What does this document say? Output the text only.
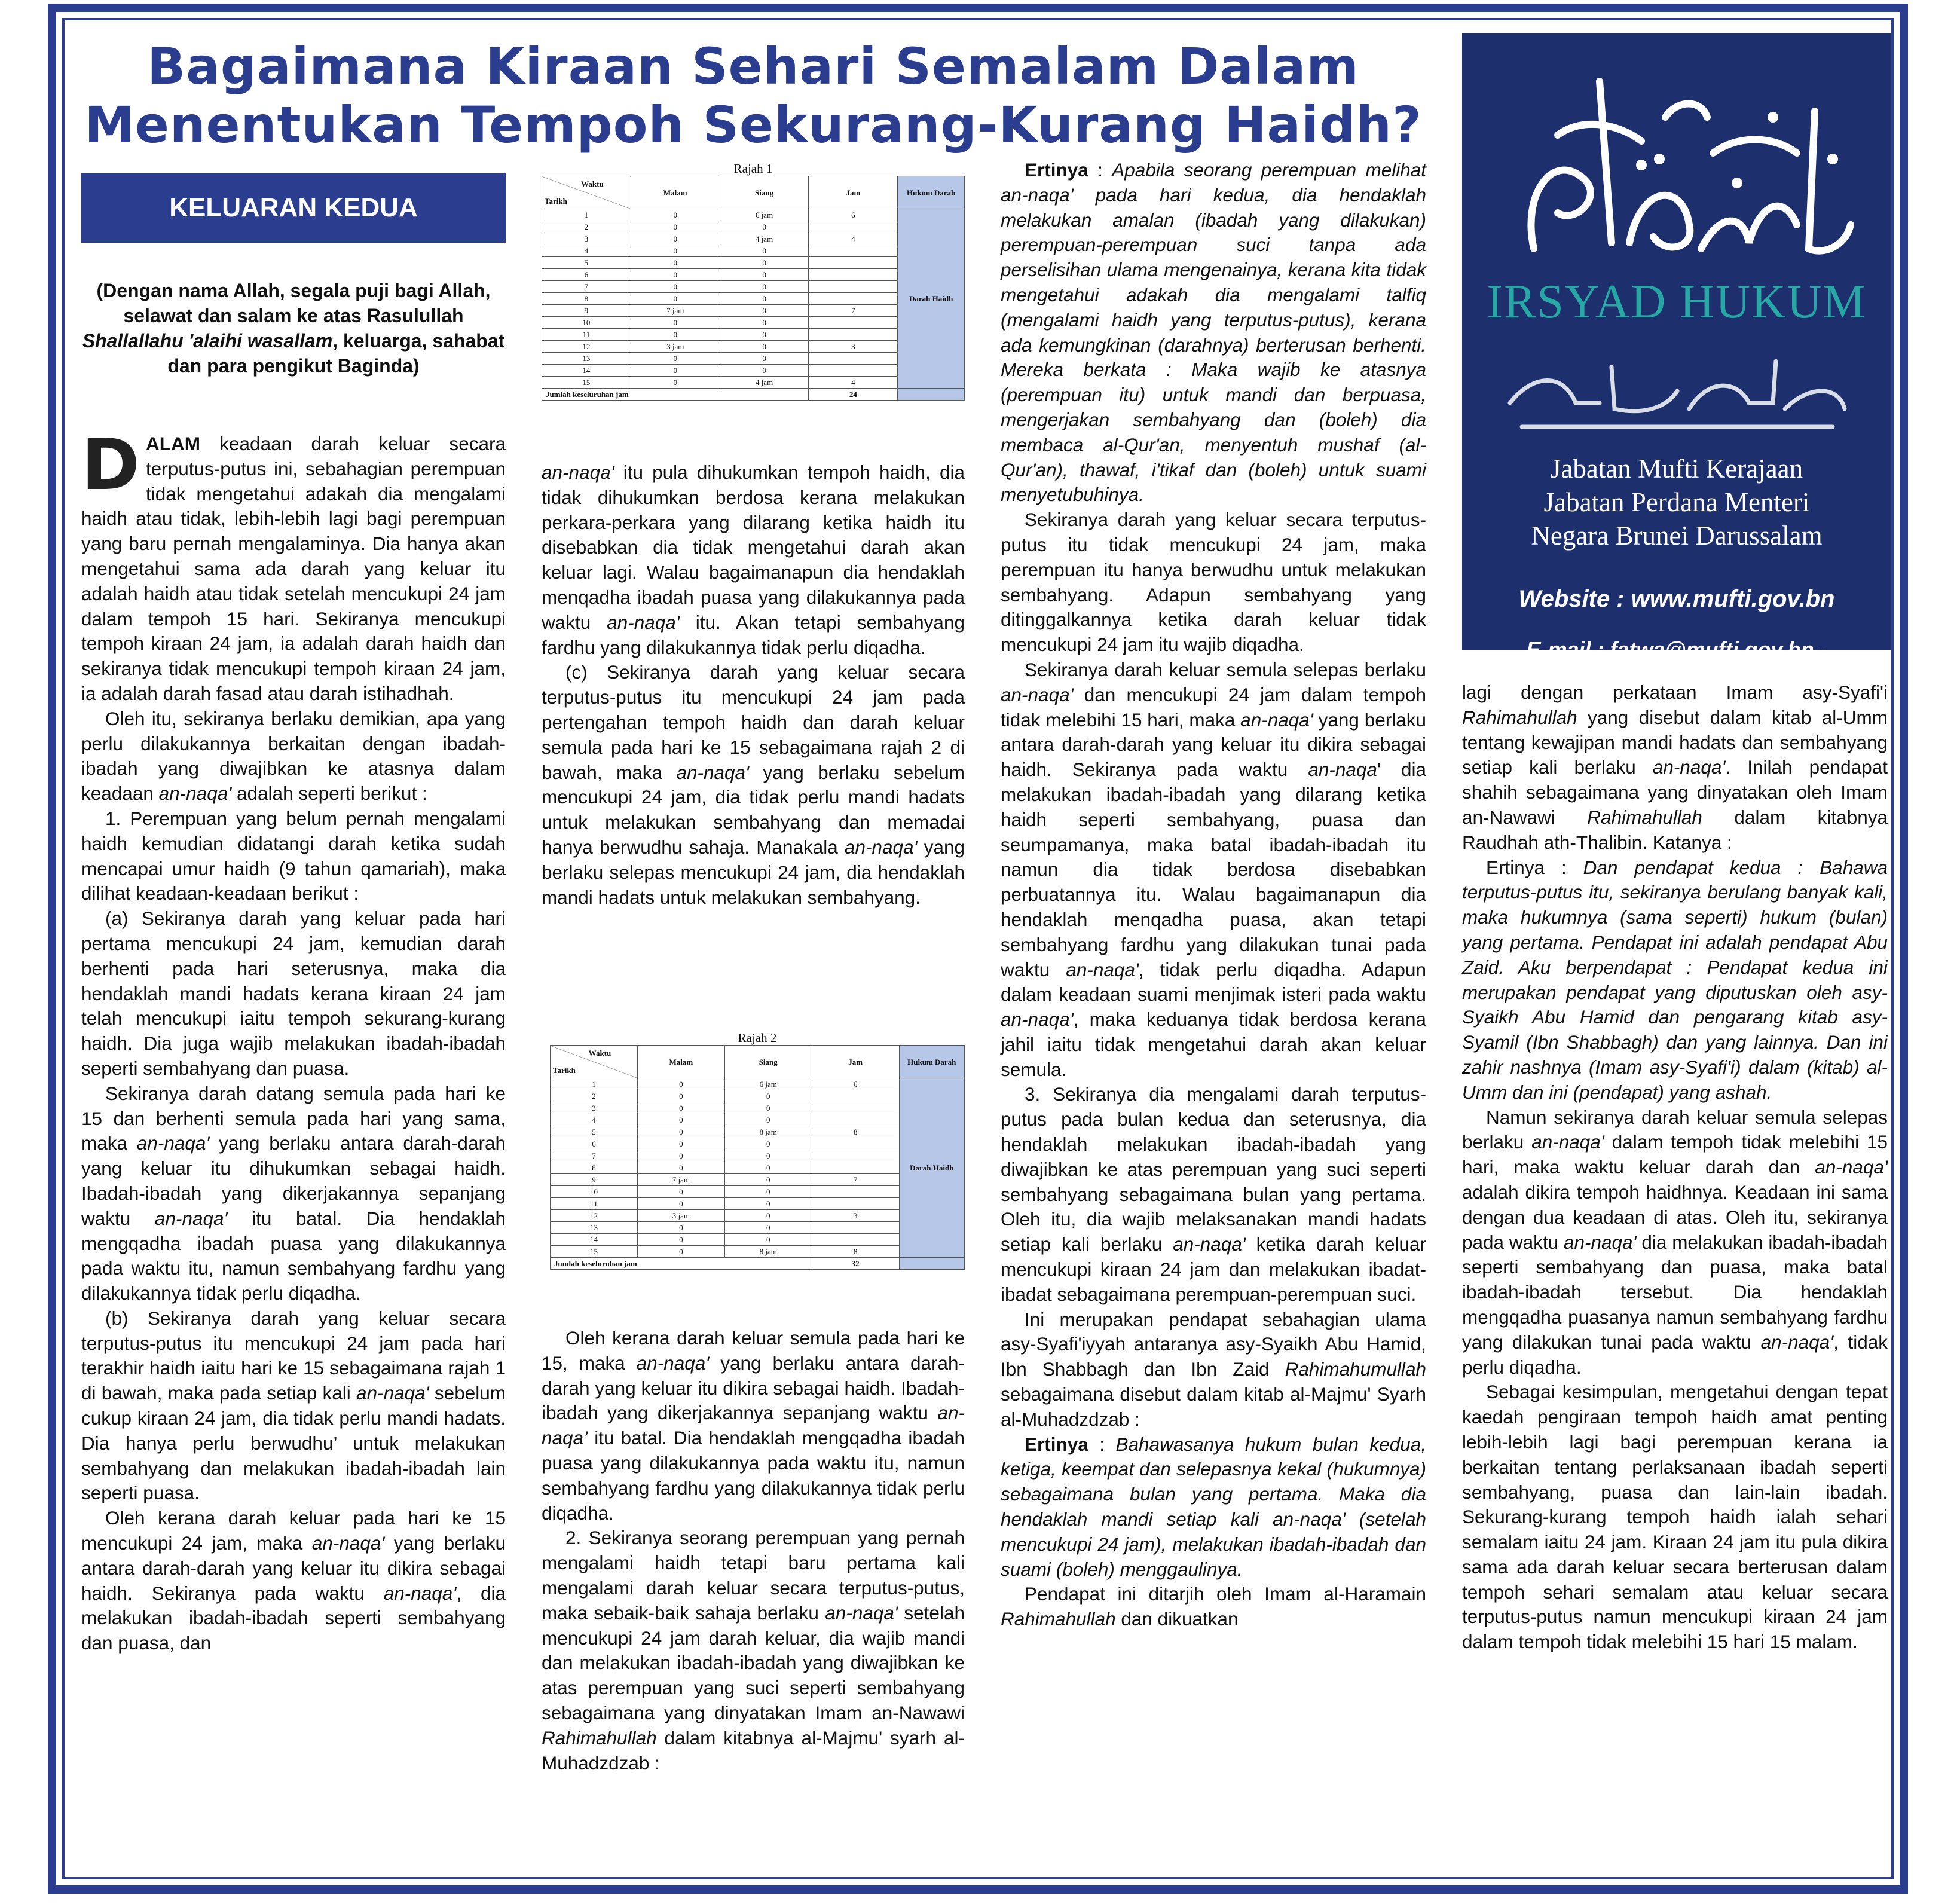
Bagaimana Kiraan Sehari Semalam Dalam
Menentukan Tempoh Sekurang-Kurang Haidh?
IRSYAD HUKUM
Jabatan Mufti Kerajaan
Jabatan Perdana Menteri
Negara Brunei Darussalam
Website : www.mufti.gov.bn
E-mail : fatwa@mufti.gov.bn - info@mufti.gov.bn
KELUARAN KEDUA
(Dengan nama Allah, segala puji bagi Allah, selawat dan salam ke atas Rasulullah Shallallahu 'alaihi wasallam, keluarga, sahabat dan para pengikut Baginda)

DALAM keadaan darah keluar secara terputus-putus ini, sebahagian perempuan tidak mengetahui adakah dia mengalami haidh atau tidak, lebih-lebih lagi bagi perempuan yang baru pernah mengalaminya. Dia hanya akan mengetahui sama ada darah yang keluar itu adalah haidh atau tidak setelah mencukupi 24 jam dalam tempoh 15 hari. Sekiranya mencukupi tempoh kiraan 24 jam, ia adalah darah haidh dan sekiranya tidak mencukupi tempoh kiraan 24 jam, ia adalah darah fasad atau darah istihadhah.

Oleh itu, sekiranya berlaku demikian, apa yang perlu dilakukannya berkaitan dengan ibadah-ibadah yang diwajibkan ke atasnya dalam keadaan an-naqa' adalah seperti berikut :

1. Perempuan yang belum pernah mengalami haidh kemudian didatangi darah ketika sudah mencapai umur haidh (9 tahun qamariah), maka dilihat keadaan-keadaan berikut :

(a) Sekiranya darah yang keluar pada hari pertama mencukupi 24 jam, kemudian darah berhenti pada hari seterusnya, maka dia hendaklah mandi hadats kerana kiraan 24 jam telah mencukupi iaitu tempoh sekurang-kurang haidh. Dia juga wajib melakukan ibadah-ibadah seperti sembahyang dan puasa.

Sekiranya darah datang semula pada hari ke 15 dan berhenti semula pada hari yang sama, maka an-naqa' yang berlaku antara darah-darah yang keluar itu dihukumkan sebagai haidh. Ibadah-ibadah yang dikerjakannya sepanjang waktu an-naqa' itu batal. Dia hendaklah mengqadha ibadah puasa yang dilakukannya pada waktu itu, namun sembahyang fardhu yang dilakukannya tidak perlu diqadha.

(b) Sekiranya darah yang keluar secara terputus-putus itu mencukupi 24 jam pada hari terakhir haidh iaitu hari ke 15 sebagaimana rajah 1 di bawah, maka pada setiap kali an-naqa' sebelum cukup kiraan 24 jam, dia tidak perlu mandi hadats. Dia hanya perlu berwudhu’ untuk melakukan sembahyang dan melakukan ibadah-ibadah lain seperti puasa.

Oleh kerana darah keluar pada hari ke 15 mencukupi 24 jam, maka an-naqa' yang berlaku antara darah-darah yang keluar itu dikira sebagai haidh. Sekiranya pada waktu an-naqa', dia melakukan ibadah-ibadah seperti sembahyang dan puasa, dan

Rajah 1
Waktu
Tarikh	Malam	Siang	Jam	Hukum Darah
1	0	6 jam	6	Darah Haidh
2	0	0		
3	0	4 jam	4	
4	0	0		
5	0	0		
6	0	0		
7	0	0		
8	0	0		
9	7 jam	0	7	
10	0	0		
11	0	0		
12	3 jam	0	3	
13	0	0		
14	0	0		
15	0	4 jam	4	
Jumlah keseluruhan jam			24	

an-naqa' itu pula dihukumkan tempoh haidh, dia tidak dihukumkan berdosa kerana melakukan perkara-perkara yang dilarang ketika haidh itu disebabkan dia tidak mengetahui darah akan keluar lagi. Walau bagaimanapun dia hendaklah menqadha ibadah puasa yang dilakukannya pada waktu an-naqa' itu. Akan tetapi sembahyang fardhu yang dilakukannya tidak perlu diqadha.

(c) Sekiranya darah yang keluar secara terputus-putus itu mencukupi 24 jam pada pertengahan tempoh haidh dan darah keluar semula pada hari ke 15 sebagaimana rajah 2 di bawah, maka an-naqa' yang berlaku sebelum mencukupi 24 jam, dia tidak perlu mandi hadats untuk melakukan sembahyang dan memadai hanya berwudhu sahaja. Manakala an-naqa' yang berlaku selepas mencukupi 24 jam, dia hendaklah mandi hadats untuk melakukan sembahyang.

Rajah 2
Waktu
Tarikh	Malam	Siang	Jam	Hukum Darah
1	0	6 jam	6	Darah Haidh
2	0	0		
3	0	0		
4	0	0		
5	0	8 jam	8	
6	0	0		
7	0	0		
8	0	0		
9	7 jam	0	7	
10	0	0		
11	0	0		
12	3 jam	0	3	
13	0	0		
14	0	0		
15	0	8 jam	8	
Jumlah keseluruhan jam			32	

Oleh kerana darah keluar semula pada hari ke 15, maka an-naqa' yang berlaku antara darah-darah yang keluar itu dikira sebagai haidh. Ibadah-ibadah yang dikerjakannya sepanjang waktu an-naqa’ itu batal. Dia hendaklah mengqadha ibadah puasa yang dilakukannya pada waktu itu, namun sembahyang fardhu yang dilakukannya tidak perlu diqadha.

2. Sekiranya seorang perempuan yang pernah mengalami haidh tetapi baru pertama kali mengalami darah keluar secara terputus-putus, maka sebaik-baik sahaja berlaku an-naqa' setelah mencukupi 24 jam darah keluar, dia wajib mandi dan melakukan ibadah-ibadah yang diwajibkan ke atas perempuan yang suci seperti sembahyang sebagaimana yang dinyatakan Imam an-Nawawi Rahimahullah dalam kitabnya al-Majmu' syarh al-Muhadzdzab :

Ertinya : Apabila seorang perempuan melihat an-naqa' pada hari kedua, dia hendaklah melakukan amalan (ibadah yang dilakukan) perempuan-perempuan suci tanpa ada perselisihan ulama mengenainya, kerana kita tidak mengetahui adakah dia mengalami talfiq (mengalami haidh yang terputus-putus), kerana ada kemungkinan (darahnya) berterusan berhenti. Mereka berkata : Maka wajib ke atasnya (perempuan itu) untuk mandi dan berpuasa, mengerjakan sembahyang dan (boleh) dia membaca al-Qur'an, menyentuh mushaf (al-Qur'an), thawaf, i'tikaf dan (boleh) untuk suami menyetubuhinya.

Sekiranya darah yang keluar secara terputus-putus itu tidak mencukupi 24 jam, maka perempuan itu hanya berwudhu untuk melakukan sembahyang. Adapun sembahyang yang ditinggalkannya ketika darah keluar tidak mencukupi 24 jam itu wajib diqadha.

Sekiranya darah keluar semula selepas berlaku an-naqa' dan mencukupi 24 jam dalam tempoh tidak melebihi 15 hari, maka an-naqa' yang berlaku antara darah-darah yang keluar itu dikira sebagai haidh. Sekiranya pada waktu an-naqa' dia melakukan ibadah-ibadah yang dilarang ketika haidh seperti sembahyang, puasa dan seumpamanya, maka batal ibadah-ibadah itu namun dia tidak berdosa disebabkan perbuatannya itu. Walau bagaimanapun dia hendaklah menqadha puasa, akan tetapi sembahyang fardhu yang dilakukan tunai pada waktu an-naqa', tidak perlu diqadha. Adapun dalam keadaan suami menjimak isteri pada waktu an-naqa', maka keduanya tidak berdosa kerana jahil iaitu tidak mengetahui darah akan keluar semula.

3. Sekiranya dia mengalami darah terputus-putus pada bulan kedua dan seterusnya, dia hendaklah melakukan ibadah-ibadah yang diwajibkan ke atas perempuan yang suci seperti sembahyang sebagaimana bulan yang pertama. Oleh itu, dia wajib melaksanakan mandi hadats setiap kali berlaku an-naqa' ketika darah keluar mencukupi kiraan 24 jam dan melakukan ibadat-ibadat sebagaimana perempuan-perempuan suci.

Ini merupakan pendapat sebahagian ulama asy-Syafi'iyyah antaranya asy-Syaikh Abu Hamid, Ibn Shabbagh dan Ibn Zaid Rahimahumullah sebagaimana disebut dalam kitab al-Majmu' Syarh al-Muhadzdzab :

Ertinya : Bahawasanya hukum bulan kedua, ketiga, keempat dan selepasnya kekal (hukumnya) sebagaimana bulan yang pertama. Maka dia hendaklah mandi setiap kali an-naqa' (setelah mencukupi 24 jam), melakukan ibadah-ibadah dan suami (boleh) menggaulinya.

Pendapat ini ditarjih oleh Imam al-Haramain Rahimahullah dan dikuatkan

lagi dengan perkataan Imam asy-Syafi'i Rahimahullah yang disebut dalam kitab al-Umm tentang kewajipan mandi hadats dan sembahyang setiap kali berlaku an-naqa'. Inilah pendapat shahih sebagaimana yang dinyatakan oleh Imam an-Nawawi Rahimahullah dalam kitabnya Raudhah ath-Thalibin. Katanya :

Ertinya : Dan pendapat kedua : Bahawa terputus-putus itu, sekiranya berulang banyak kali, maka hukumnya (sama seperti) hukum (bulan) yang pertama. Pendapat ini adalah pendapat Abu Zaid. Aku berpendapat : Pendapat kedua ini merupakan pendapat yang diputuskan oleh asy-Syaikh Abu Hamid dan pengarang kitab asy-Syamil (Ibn Shabbagh) dan yang lainnya. Dan ini zahir nashnya (Imam asy-Syafi'i) dalam (kitab) al-Umm dan ini (pendapat) yang ashah.

Namun sekiranya darah keluar semula selepas berlaku an-naqa' dalam tempoh tidak melebihi 15 hari, maka waktu keluar darah dan an-naqa' adalah dikira tempoh haidhnya. Keadaan ini sama dengan dua keadaan di atas. Oleh itu, sekiranya pada waktu an-naqa' dia melakukan ibadah-ibadah seperti sembahyang dan puasa, maka batal ibadah-ibadah tersebut. Dia hendaklah mengqadha puasanya namun sembahyang fardhu yang dilakukan tunai pada waktu an-naqa', tidak perlu diqadha.

Sebagai kesimpulan, mengetahui dengan tepat kaedah pengiraan tempoh haidh amat penting lebih-lebih lagi bagi perempuan kerana ia berkaitan tentang perlaksanaan ibadah seperti sembahyang, puasa dan lain-lain ibadah. Sekurang-kurang tempoh haidh ialah sehari semalam iaitu 24 jam. Kiraan 24 jam itu pula dikira sama ada darah keluar secara berterusan dalam tempoh sehari semalam atau keluar secara terputus-putus namun mencukupi kiraan 24 jam dalam tempoh tidak melebihi 15 hari 15 malam.
